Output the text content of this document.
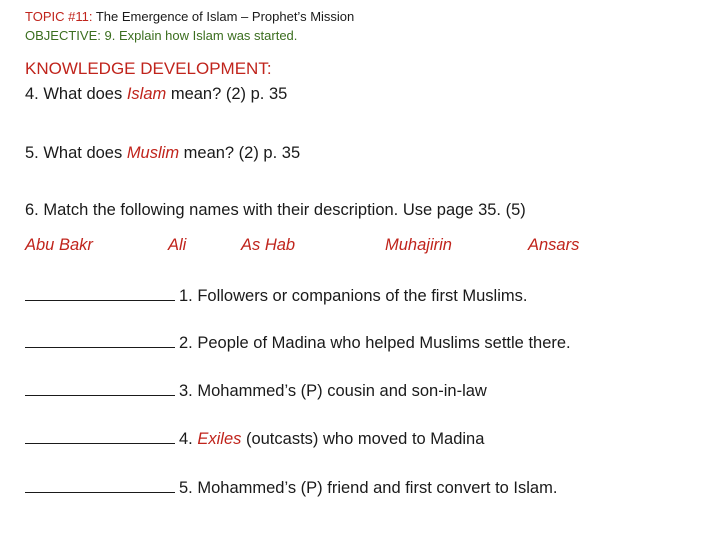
TOPIC #11: The Emergence of Islam – Prophet’s Mission
OBJECTIVE: 9. Explain how Islam was started.
KNOWLEDGE DEVELOPMENT:
4. What does Islam mean? (2) p. 35
5. What does Muslim mean? (2) p. 35
6. Match the following names with their description. Use page 35. (5)
Abu Bakr	Ali	As Hab	Muhajirin	Ansars
1. Followers or companions of the first Muslims.
2. People of Madina who helped Muslims settle there.
3. Mohammed’s (P) cousin and son-in-law
4. Exiles (outcasts) who moved to Madina
5. Mohammed’s (P) friend and first convert to Islam.
